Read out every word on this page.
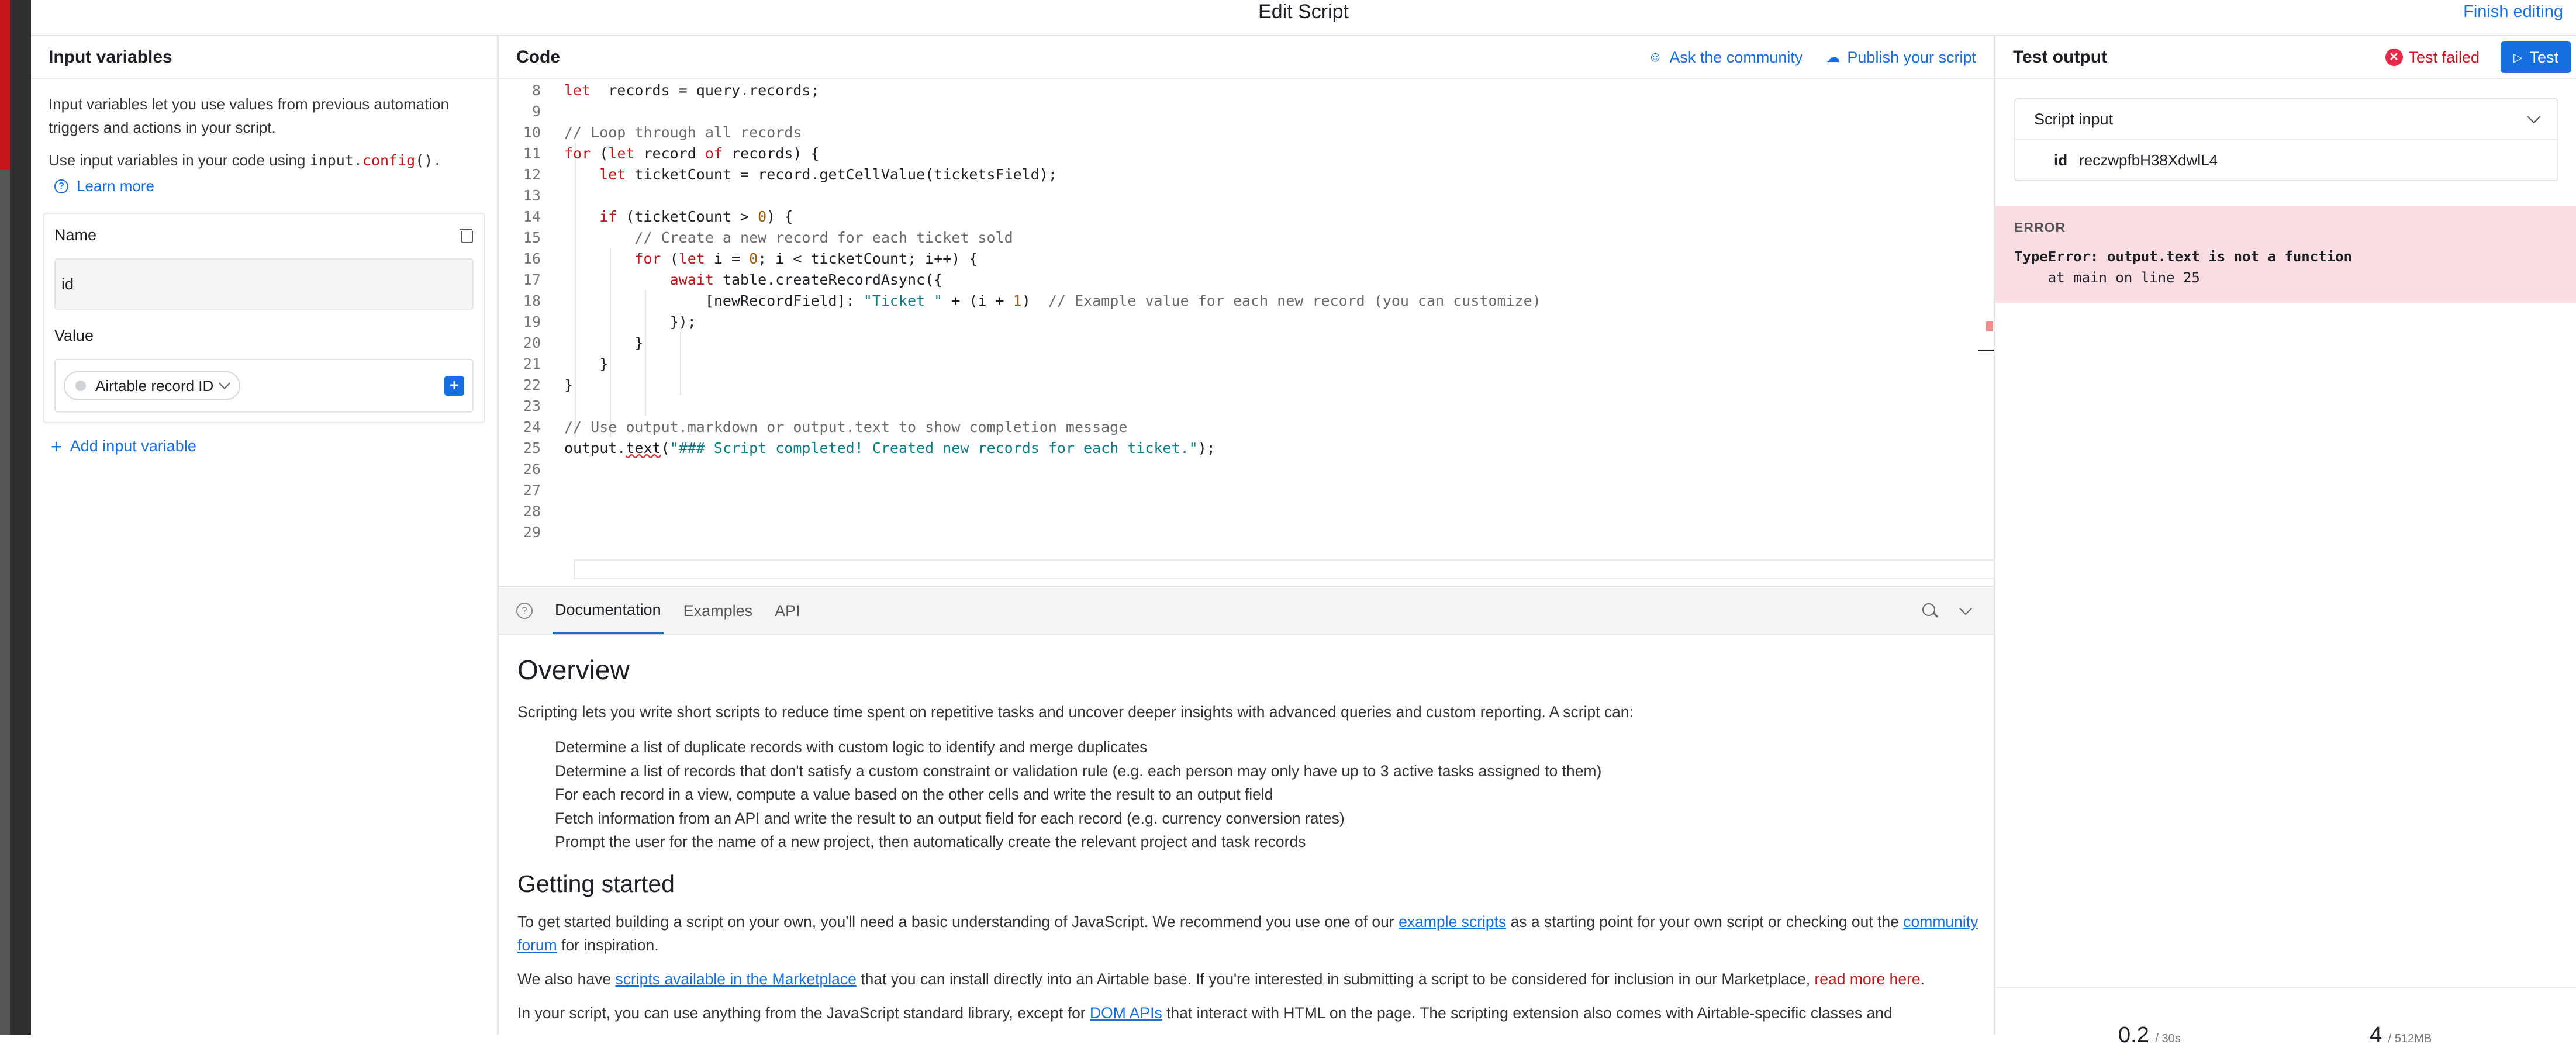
Edit Script	Finish editing
Input variables
Input variables let you use values from previous automation triggers and actions in your script.
Use input variables in your code using input.config().
? Learn more
Name
id
Value
Airtable record ID	+
+ Add input variable
Code	☺ Ask the community ☁ Publish your script
8	let  records = query.records;
9
10	// Loop through all records
11	for (let record of records) {
12	let ticketCount = record.getCellValue(ticketsField);
13
14	if (ticketCount > 0) {
15	// Create a new record for each ticket sold
16	for (let i = 0; i < ticketCount; i++) {
17	await table.createRecordAsync({
18	[newRecordField]: "Ticket " + (i + 1)  // Example value for each new record (you can customize)
19	});
20	}
21	}
22	}
23
24	// Use output.markdown or output.text to show completion message
25	output.text("### Script completed! Created new records for each ticket.");
26
27
28
29
?	Documentation Examples API
Overview

Scripting lets you write short scripts to reduce time spent on repetitive tasks and uncover deeper insights with advanced queries and custom reporting. A script can:

Determine a list of duplicate records with custom logic to identify and merge duplicates
Determine a list of records that don't satisfy a custom constraint or validation rule (e.g. each person may only have up to 3 active tasks assigned to them)
For each record in a view, compute a value based on the other cells and write the result to an output field
Fetch information from an API and write the result to an output field for each record (e.g. currency conversion rates)
Prompt the user for the name of a new project, then automatically create the relevant project and task records
Getting started

To get started building a script on your own, you'll need a basic understanding of JavaScript. We recommend you use one of our example scripts as a starting point for your own script or checking out the community forum for inspiration.

We also have scripts available in the Marketplace that you can install directly into an Airtable base. If you're interested in submitting a script to be considered for inclusion in our Marketplace, read more here.

In your script, you can use anything from the JavaScript standard library, except for DOM APIs that interact with HTML on the page. The scripting extension also comes with Airtable-specific classes and

Test output	✕ Test failed	▷ Test
Script input
id reczwpfbH38XdwlL4
ERROR
TypeError: output.text is not a function
at main on line 25
0.2 / 30s	4 / 512MB
